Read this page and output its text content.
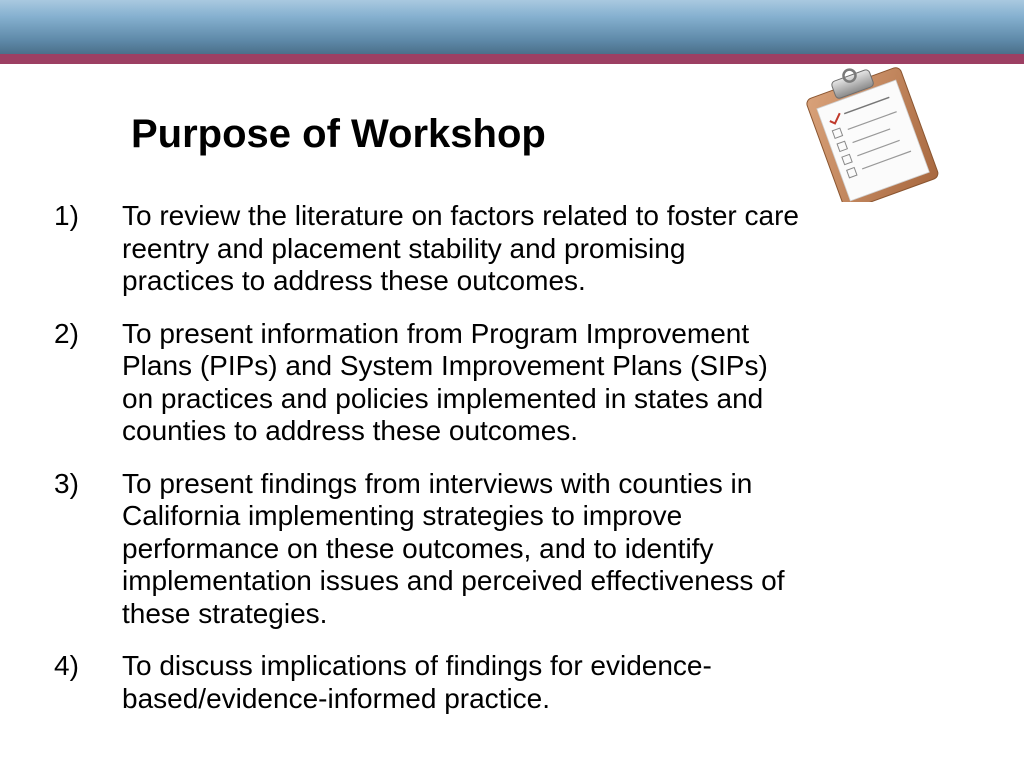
Purpose of Workshop
1) To review the literature on factors related to foster care
reentry and placement stability and promising
practices to address these outcomes.
2) To present information from Program Improvement
Plans (PIPs) and System Improvement Plans (SIPs)
on practices and policies implemented in states and
counties to address these outcomes.
3) To present findings from interviews with counties in
California implementing strategies to improve
performance on these outcomes, and to identify
implementation issues and perceived effectiveness of
these strategies.
4) To discuss implications of findings for evidence-
based/evidence-informed practice.
